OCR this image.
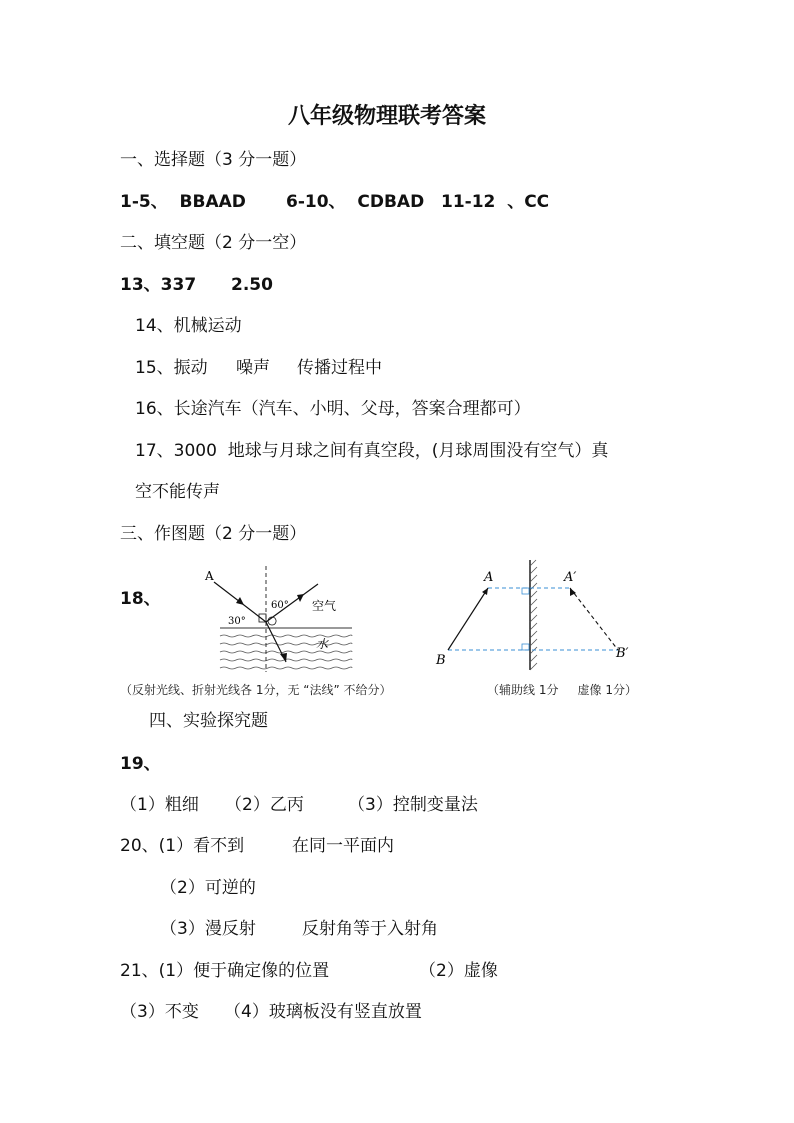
八年级物理联考答案
一、选择题（3 分一题）
1-5、  BBAAD 6-10、  CDBAD 11-12  、CC
二、填空题（2 分一空）
13、337 2.50
14、机械运动
15、振动 噪声 传播过程中
16、长途汽车（汽车、小明、父母，答案合理都可）
17、3000  地球与月球之间有真空段，(月球周围没有空气）真
空不能传声
三、作图题（2 分一题）
18、
A
30°
60° 空气
水
A
B
A′
B′
（反射光线、折射光线各 1分，无 “法线” 不给分）	（辅助线 1分     虚像 1分）
四、实验探究题
19、
（1）粗细 （2）乙丙	（3）控制变量法
20、(1）看不到	在同一平面内
（2）可逆的
（3）漫反射	反射角等于入射角
21、(1）便于确定像的位置	（2）虚像
（3）不变 （4）玻璃板没有竖直放置
